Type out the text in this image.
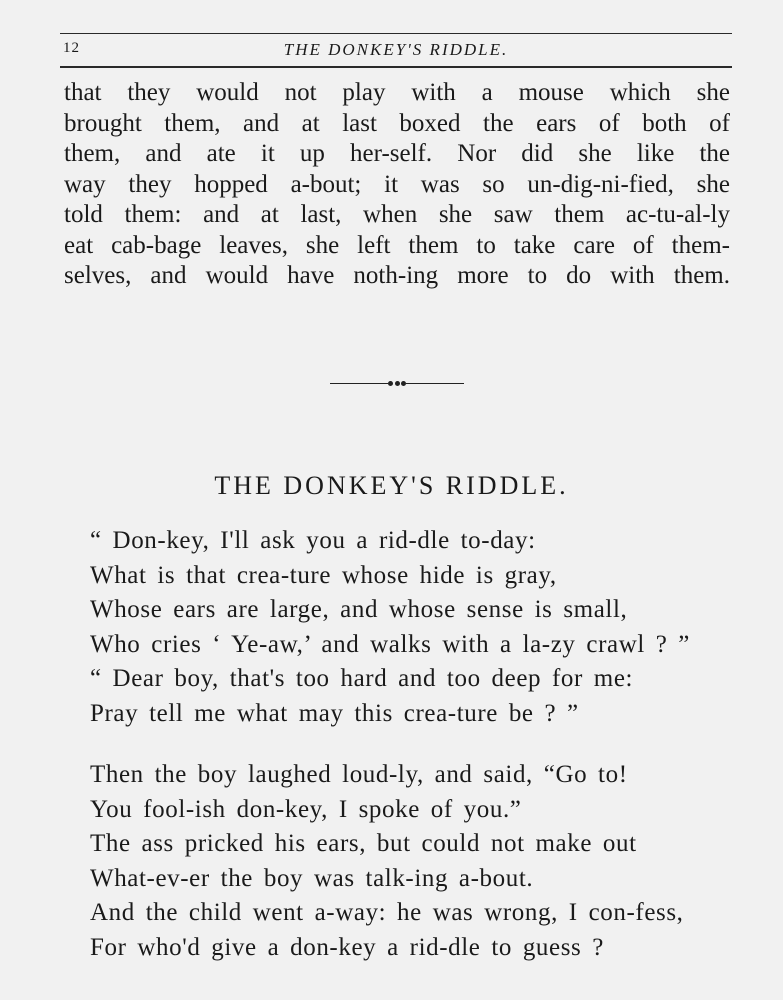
12	THE DONKEY'S RIDDLE.
that they would not play with a mouse which she
brought them, and at last boxed the ears of both of
them, and ate it up her-self. Nor did she like the
way they hopped a-bout; it was so un-dig-ni-fied, she
told them: and at last, when she saw them ac-tu-al-ly
eat cab-bage leaves, she left them to take care of them-
selves, and would have noth-ing more to do with them.
THE DONKEY'S RIDDLE.
“ Don-key, I'll ask you a rid-dle to-day:
What is that crea-ture whose hide is gray,
Whose ears are large, and whose sense is small,
Who cries ‘ Ye-aw,’ and walks with a la-zy crawl ? ”
“ Dear boy, that's too hard and too deep for me:
Pray tell me what may this crea-ture be ? ”
Then the boy laughed loud-ly, and said, “Go to!
You fool-ish don-key, I spoke of you.”
The ass pricked his ears, but could not make out
What-ev-er the boy was talk-ing a-bout.
And the child went a-way: he was wrong, I con-fess,
For who'd give a don-key a rid-dle to guess ?
